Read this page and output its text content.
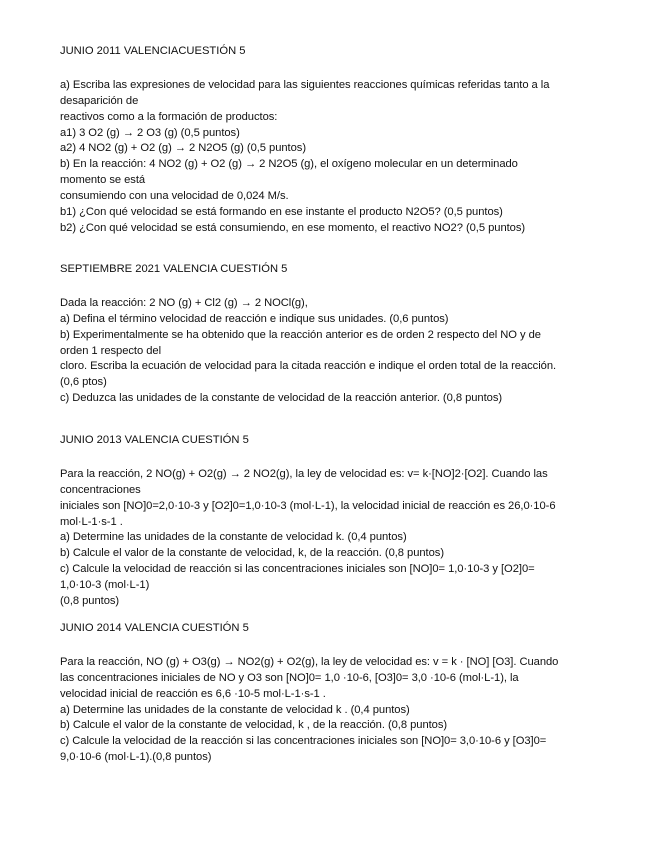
JUNIO 2011 VALENCIACUESTIÓN 5
a) Escriba las expresiones de velocidad para las siguientes reacciones químicas referidas tanto a la
desaparición de
reactivos como a la formación de productos:
a1) 3 O2 (g) → 2 O3 (g) (0,5 puntos)
a2) 4 NO2 (g) + O2 (g) → 2 N2O5 (g) (0,5 puntos)
b) En la reacción: 4 NO2 (g) + O2 (g) → 2 N2O5 (g), el oxígeno molecular en un determinado
momento se está
consumiendo con una velocidad de 0,024 M/s.
b1) ¿Con qué velocidad se está formando en ese instante el producto N2O5? (0,5 puntos)
b2) ¿Con qué velocidad se está consumiendo, en ese momento, el reactivo NO2? (0,5 puntos)
SEPTIEMBRE 2021 VALENCIA CUESTIÓN 5
Dada la reacción: 2 NO (g) + Cl2 (g) → 2 NOCl(g),
a) Defina el término velocidad de reacción e indique sus unidades. (0,6 puntos)
b) Experimentalmente se ha obtenido que la reacción anterior es de orden 2 respecto del NO y de
orden 1 respecto del
cloro. Escriba la ecuación de velocidad para la citada reacción e indique el orden total de la reacción.
(0,6 ptos)
c) Deduzca las unidades de la constante de velocidad de la reacción anterior. (0,8 puntos)
JUNIO 2013 VALENCIA CUESTIÓN 5
Para la reacción, 2 NO(g) + O2(g) → 2 NO2(g), la ley de velocidad es: v= k·[NO]2·[O2]. Cuando las
concentraciones
iniciales son [NO]0=2,0·10-3 y [O2]0=1,0·10-3 (mol·L-1), la velocidad inicial de reacción es 26,0·10-6
mol·L-1·s-1 .
a) Determine las unidades de la constante de velocidad k. (0,4 puntos)
b) Calcule el valor de la constante de velocidad, k, de la reacción. (0,8 puntos)
c) Calcule la velocidad de reacción si las concentraciones iniciales son [NO]0= 1,0·10-3 y [O2]0=
1,0·10-3 (mol·L-1)
(0,8 puntos)
JUNIO 2014 VALENCIA CUESTIÓN 5
Para la reacción, NO (g) + O3(g) → NO2(g) + O2(g), la ley de velocidad es: v = k · [NO] [O3]. Cuando
las concentraciones iniciales de NO y O3 son [NO]0= 1,0 ·10-6, [O3]0= 3,0 ·10-6 (mol·L-1), la
velocidad inicial de reacción es 6,6 ·10-5 mol·L-1·s-1 .
a) Determine las unidades de la constante de velocidad k . (0,4 puntos)
b) Calcule el valor de la constante de velocidad, k , de la reacción. (0,8 puntos)
c) Calcule la velocidad de la reacción si las concentraciones iniciales son [NO]0= 3,0·10-6 y [O3]0=
9,0·10-6 (mol·L-1).(0,8 puntos)
